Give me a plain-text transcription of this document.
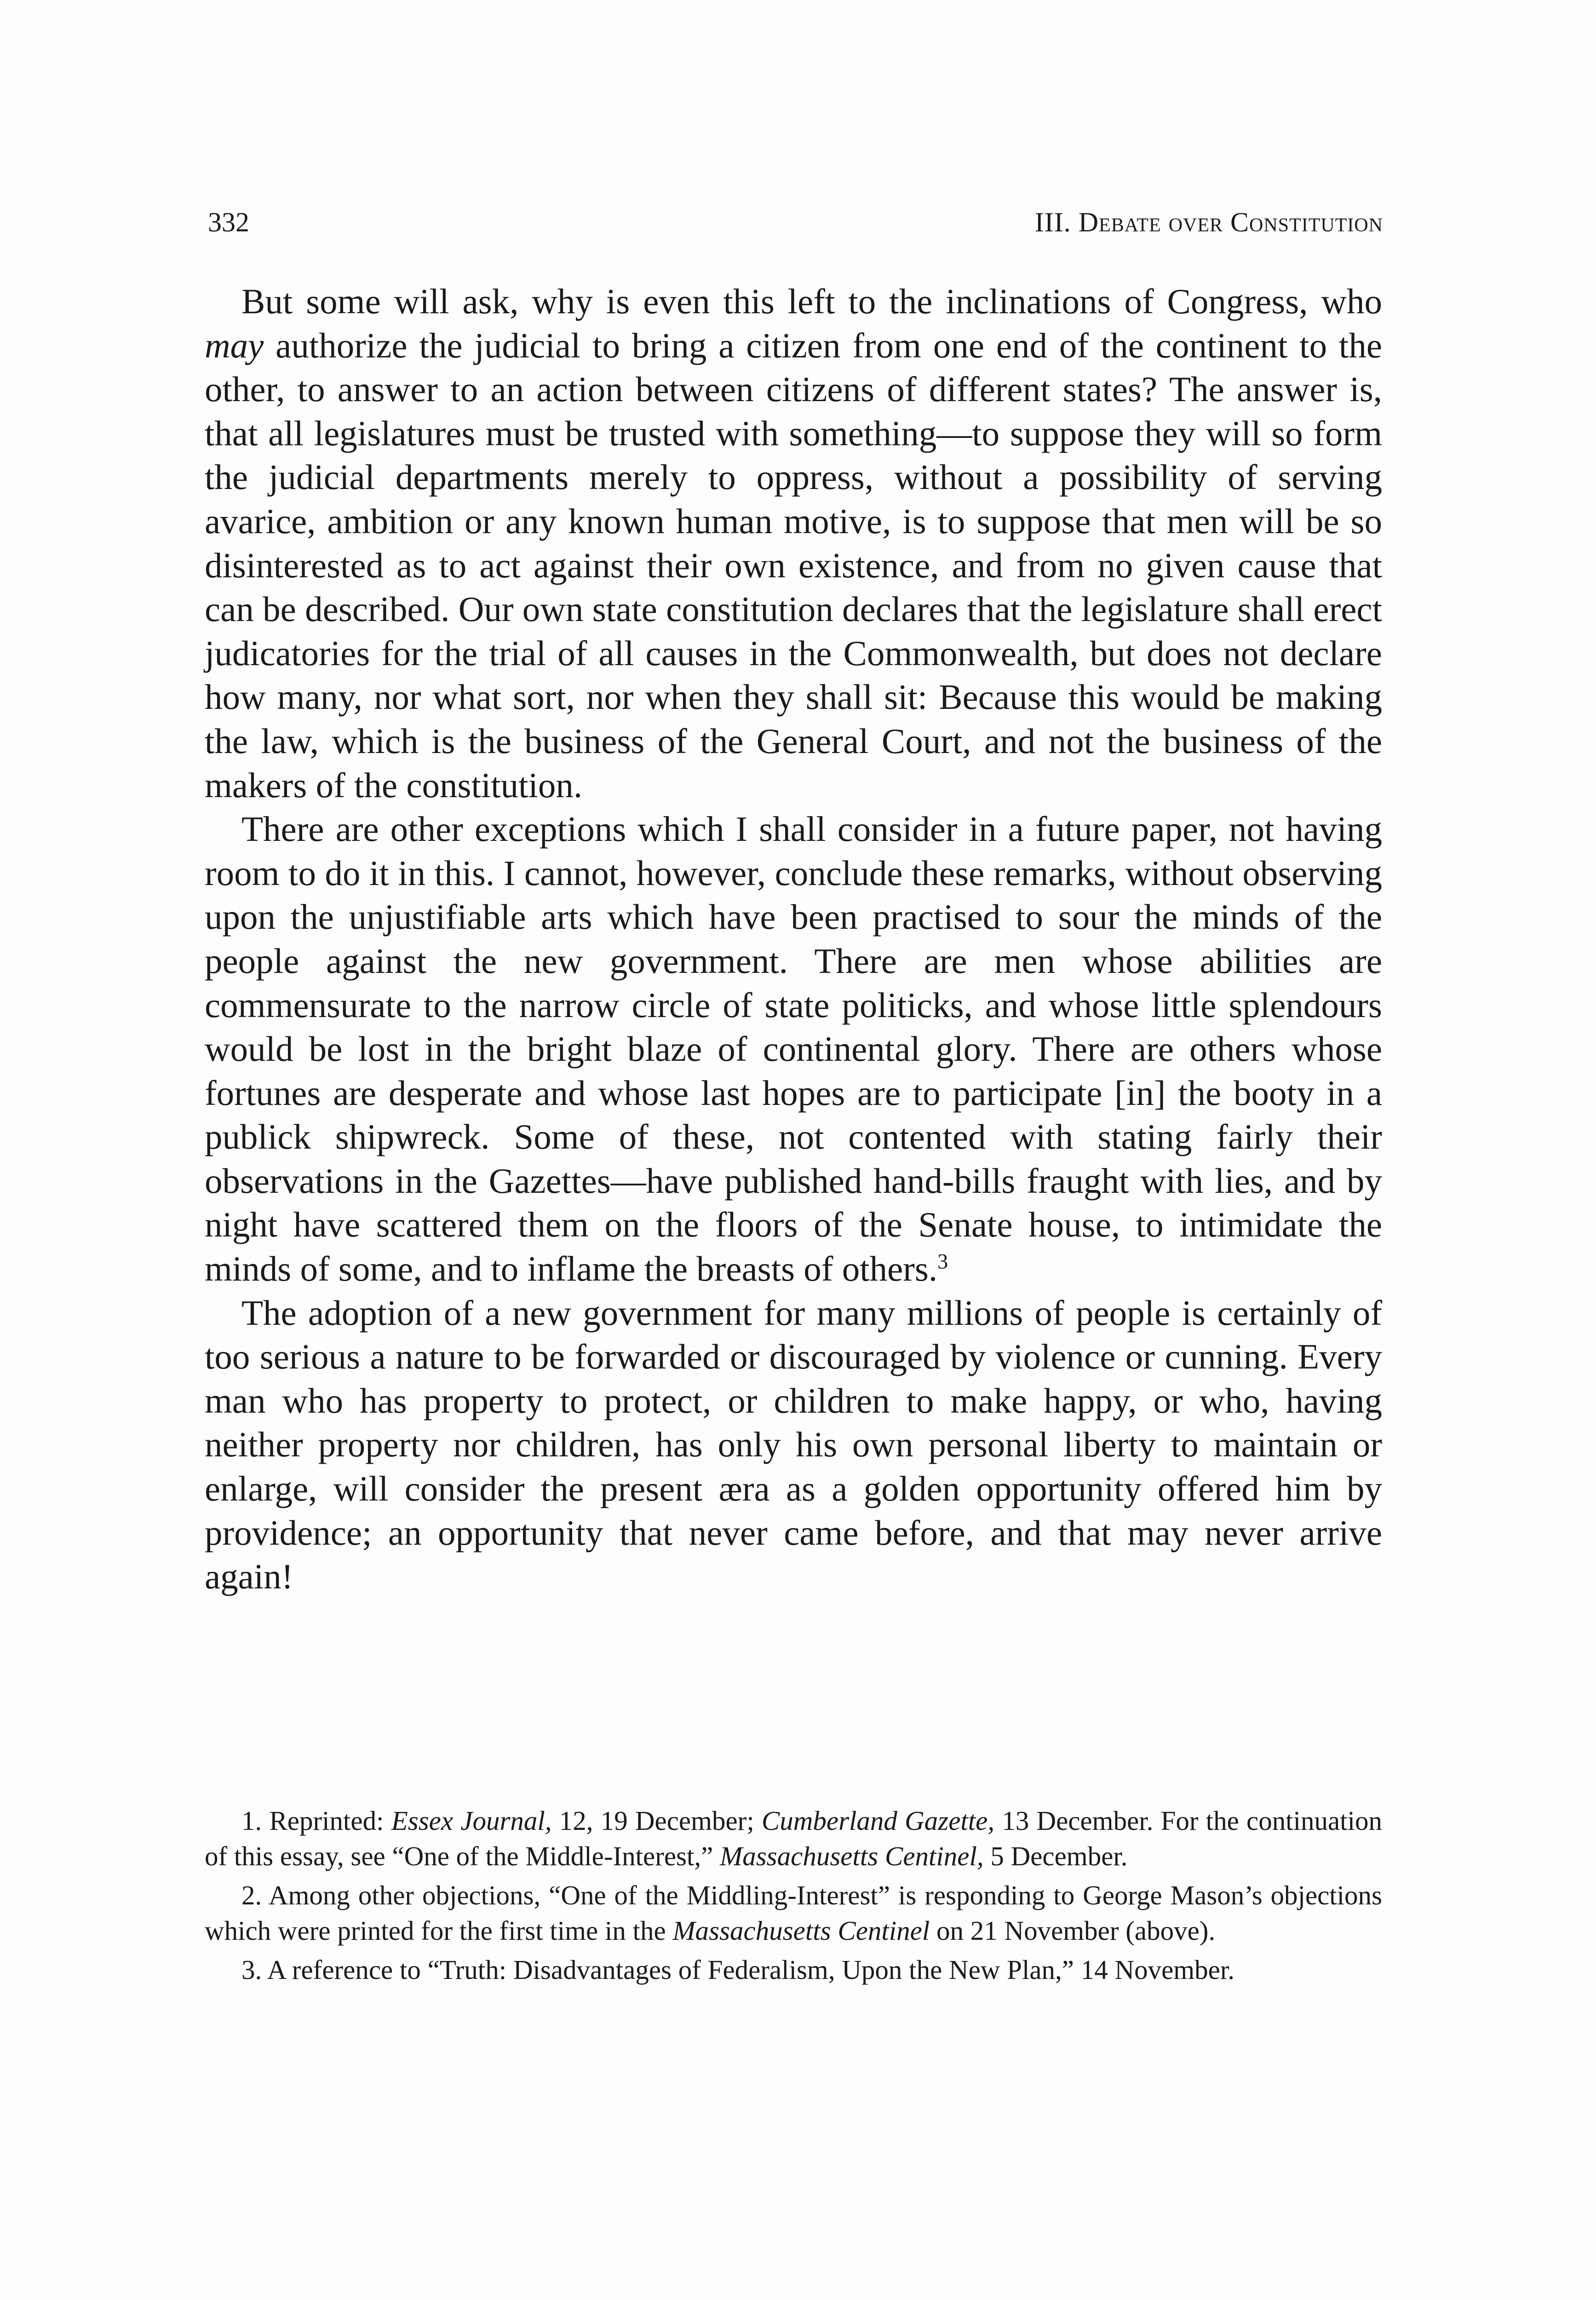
332	III. Debate over Constitution

But some will ask, why is even this left to the inclinations of Congress, who may authorize the judicial to bring a citizen from one end of the continent to the other, to answer to an action between citizens of different states? The answer is, that all legislatures must be trusted with something—to suppose they will so form the judicial departments merely to oppress, without a possibility of serving avarice, ambition or any known human motive, is to suppose that men will be so disinterested as to act against their own existence, and from no given cause that can be described. Our own state constitution declares that the legislature shall erect judicatories for the trial of all causes in the Commonwealth, but does not declare how many, nor what sort, nor when they shall sit: Because this would be making the law, which is the business of the General Court, and not the business of the makers of the constitution.

There are other exceptions which I shall consider in a future paper, not having room to do it in this. I cannot, however, conclude these remarks, without observing upon the unjustifiable arts which have been practised to sour the minds of the people against the new government. There are men whose abilities are commensurate to the narrow circle of state politicks, and whose little splendours would be lost in the bright blaze of continental glory. There are others whose fortunes are desperate and whose last hopes are to participate [in] the booty in a publick shipwreck. Some of these, not contented with stating fairly their observations in the Gazettes—have published hand-bills fraught with lies, and by night have scattered them on the floors of the Senate house, to intimidate the minds of some, and to inflame the breasts of others.$^3$

The adoption of a new government for many millions of people is certainly of too serious a nature to be forwarded or discouraged by violence or cunning. Every man who has property to protect, or children to make happy, or who, having neither property nor children, has only his own personal liberty to maintain or enlarge, will consider the present æra as a golden opportunity offered him by providence; an opportunity that never came before, and that may never arrive again!

1. Reprinted: Essex Journal, 12, 19 December; Cumberland Gazette, 13 December. For the continuation of this essay, see “One of the Middle-Interest,” Massachusetts Centinel, 5 December.

2. Among other objections, “One of the Middling-Interest” is responding to George Mason’s objections which were printed for the first time in the Massachusetts Centinel on 21 November (above).

3. A reference to “Truth: Disadvantages of Federalism, Upon the New Plan,” 14 November.
